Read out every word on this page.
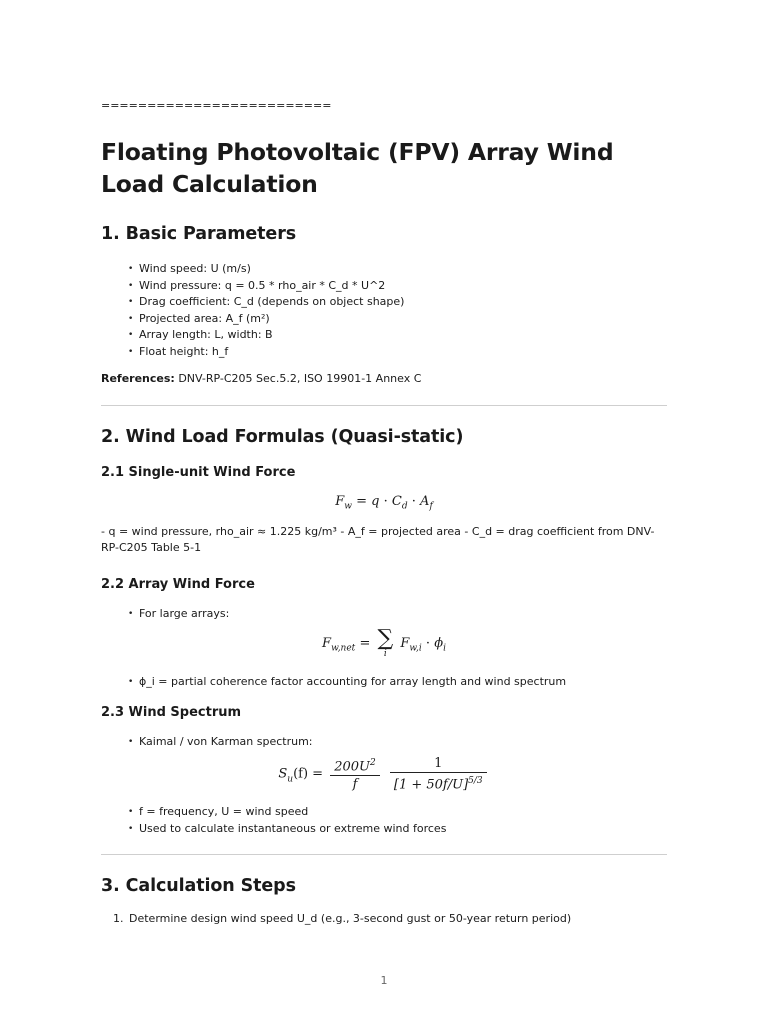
=========================

Floating Photovoltaic (FPV) Array Wind Load Calculation
1. Basic Parameters
• Wind speed: U (m/s)
• Wind pressure: q = 0.5 * rho_air * C_d * U^2
• Drag coefficient: C_d (depends on object shape)
• Projected area: A_f (m²)
• Array length: L, width: B
• Float height: h_f

References: DNV-RP-C205 Sec.5.2, ISO 19901-1 Annex C

2. Wind Load Formulas (Quasi-static)
2.1 Single-unit Wind Force
$F_w = q \cdot C_d \cdot A_f$

- q = wind pressure, rho_air ≈ 1.225 kg/m³ - A_f = projected area - C_d = drag coefficient from DNV-RP-C205 Table 5-1

2.2 Array Wind Force
• For large arrays:
$F_{w,net}$ = ∑
i
$F_{w,i} \cdot \phi_i$
• ϕ_i = partial coherence factor accounting for array length and wind spectrum
2.3 Wind Spectrum
• Kaimal / von Karman spectrum:
$S_u(f) = \frac{200U^2}{f}$
$\frac{1}{[1 + 50f/U]^{5/3}}$
• f = frequency, U = wind speed
• Used to calculate instantaneous or extreme wind forces
3. Calculation Steps
1. Determine design wind speed U_d (e.g., 3-second gust or 50-year return period)
1
